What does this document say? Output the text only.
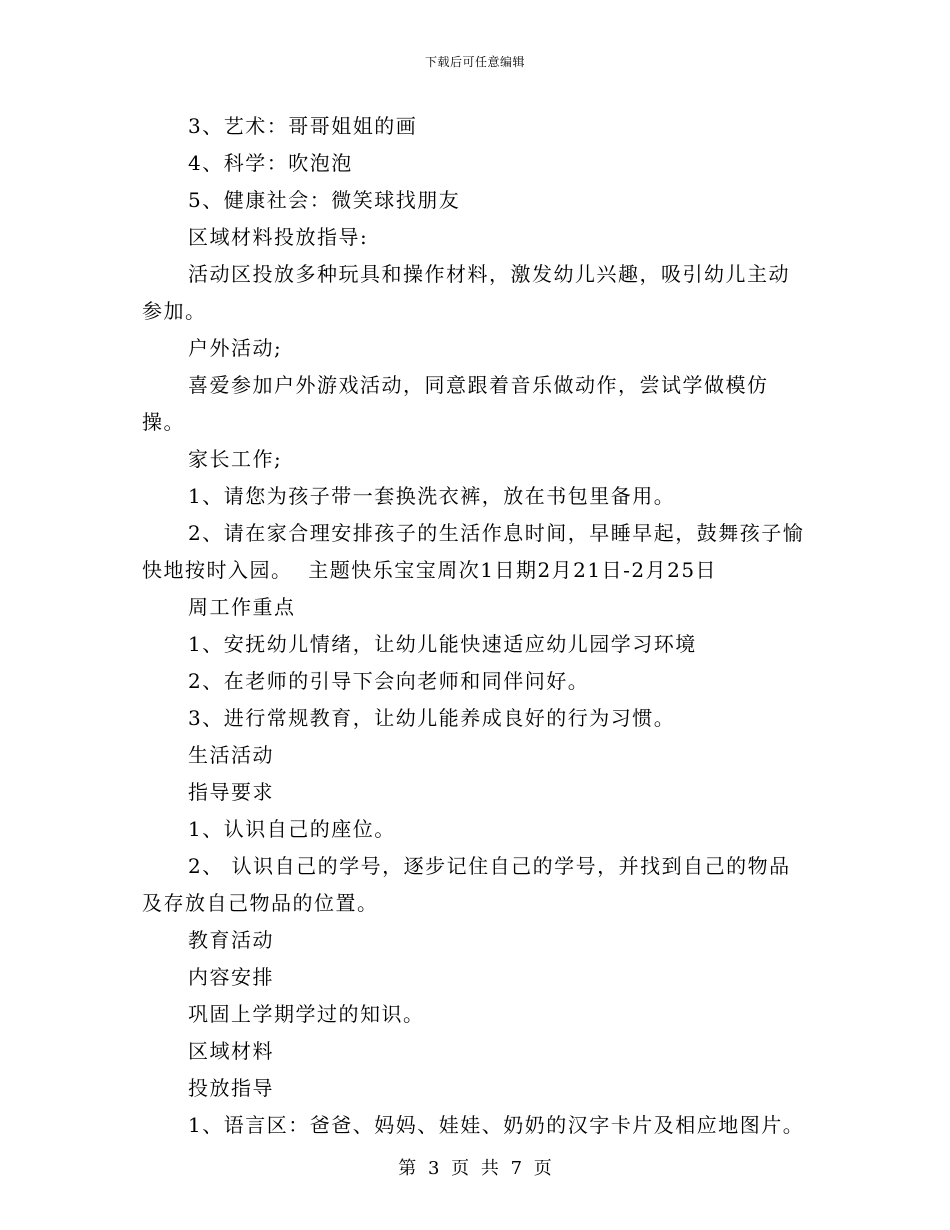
下载后可任意编辑

3、艺术：哥哥姐姐的画

4、科学：吹泡泡

5、健康社会：微笑球找朋友

区域材料投放指导:

活动区投放多种玩具和操作材料，激发幼儿兴趣，吸引幼儿主动参加。

户外活动;

喜爱参加户外游戏活动，同意跟着音乐做动作，尝试学做模仿操。

家长工作;

1、请您为孩子带一套换洗衣裤，放在书包里备用。

2、请在家合理安排孩子的生活作息时间，早睡早起，鼓舞孩子愉快地按时入园。  主题快乐宝宝周次1日期2月21日-2月25日

周工作重点

1、安抚幼儿情绪，让幼儿能快速适应幼儿园学习环境

2、在老师的引导下会向老师和同伴问好。

3、进行常规教育，让幼儿能养成良好的行为习惯。

生活活动

指导要求

1、认识自己的座位。

2、 认识自己的学号，逐步记住自己的学号，并找到自己的物品及存放自己物品的位置。

教育活动

内容安排

巩固上学期学过的知识。

区域材料

投放指导

1、语言区：爸爸、妈妈、娃娃、奶奶的汉字卡片及相应地图片。

第 3 页 共 7 页
